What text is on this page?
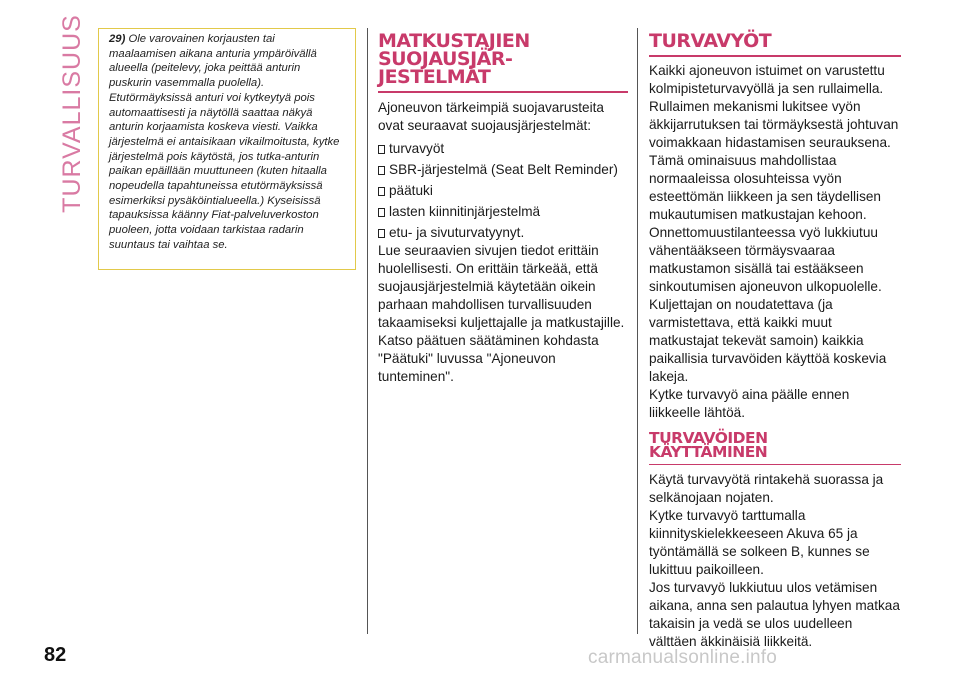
TURVALLISUUS
82
29) Ole varovainen korjausten tai maalaamisen aikana anturia ympäröivällä alueella (peitelevy, joka peittää anturin puskurin vasemmalla puolella). Etutörmäyksissä anturi voi kytkeytyä pois automaattisesti ja näytöllä saattaa näkyä anturin korjaamista koskeva viesti. Vaikka järjestelmä ei antaisikaan vikailmoitusta, kytke järjestelmä pois käytöstä, jos tutka-anturin paikan epäillään muuttuneen (kuten hitaalla nopeudella tapahtuneissa etutörmäyksissä esimerkiksi pysäköintialueella.) Kyseisissä tapauksissa käänny Fiat-palveluverkoston puoleen, jotta voidaan tarkistaa radarin suuntaus tai vaihtaa se.
MATKUSTAJIEN
SUOJAUSJÄR-
JESTELMÄT

Ajoneuvon tärkeimpiä suojavarusteita ovat seuraavat suojausjärjestelmät:

turvavyöt
SBR-järjestelmä (Seat Belt Reminder)
päätuki
lasten kiinnitinjärjestelmä
etu- ja sivuturvatyynyt.

Lue seuraavien sivujen tiedot erittäin huolellisesti. On erittäin tärkeää, että suojausjärjestelmiä käytetään oikein parhaan mahdollisen turvallisuuden takaamiseksi kuljettajalle ja matkustajille.

Katso päätuen säätäminen kohdasta "Päätuki" luvussa "Ajoneuvon tunteminen".

TURVAVYÖT

Kaikki ajoneuvon istuimet on varustettu kolmipisteturvavyöllä ja sen rullaimella. Rullaimen mekanismi lukitsee vyön äkkijarrutuksen tai törmäyksestä johtuvan voimakkaan hidastamisen seurauksena. Tämä ominaisuus mahdollistaa normaaleissa olosuhteissa vyön esteettömän liikkeen ja sen täydellisen mukautumisen matkustajan kehoon. Onnettomuustilanteessa vyö lukkiutuu vähentääkseen törmäysvaaraa matkustamon sisällä tai estääkseen sinkoutumisen ajoneuvon ulkopuolelle.

Kuljettajan on noudatettava (ja varmistettava, että kaikki muut matkustajat tekevät samoin) kaikkia paikallisia turvavöiden käyttöä koskevia lakeja.

Kytke turvavyö aina päälle ennen liikkeelle lähtöä.

TURVAVÖIDEN
KÄYTTÄMINEN

Käytä turvavyötä rintakehä suorassa ja selkänojaan nojaten.

Kytke turvavyö tarttumalla kiinnityskielekkeeseen Akuva 65 ja työntämällä se solkeen B, kunnes se lukittuu paikoilleen.

Jos turvavyö lukkiutuu ulos vetämisen aikana, anna sen palautua lyhyen matkaa takaisin ja vedä se ulos uudelleen välttäen äkkinäisiä liikkeitä.

carmanualsonline.info
